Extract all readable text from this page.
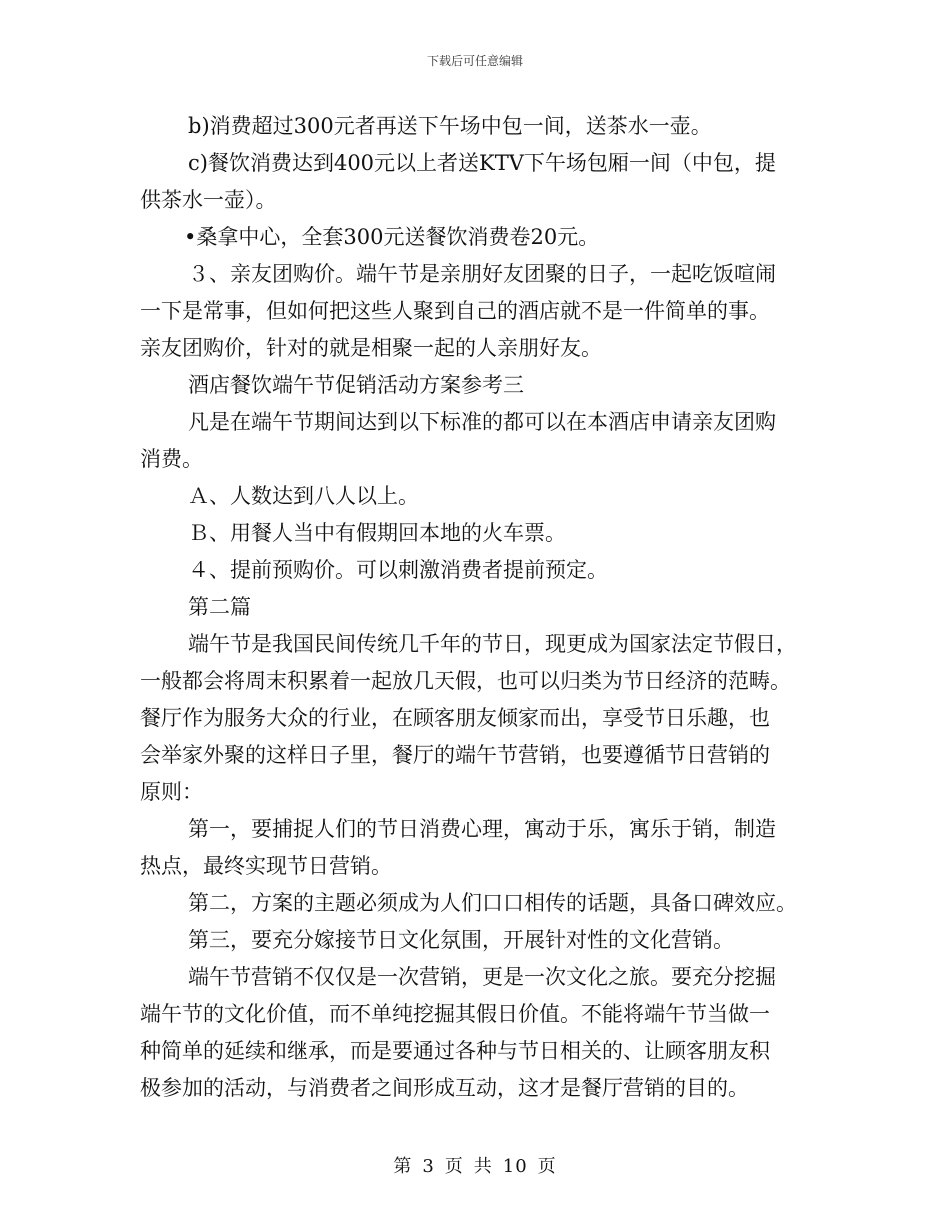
下载后可任意编辑
b)消费超过300元者再送下午场中包一间，送茶水一壶。
c)餐饮消费达到400元以上者送KTV下午场包厢一间（中包，提
供茶水一壶）。
•桑拿中心，全套300元送餐饮消费卷20元。
３、亲友团购价。端午节是亲朋好友团聚的日子，一起吃饭喧闹
一下是常事，但如何把这些人聚到自己的酒店就不是一件简单的事。
亲友团购价，针对的就是相聚一起的人亲朋好友。
酒店餐饮端午节促销活动方案参考三
凡是在端午节期间达到以下标准的都可以在本酒店申请亲友团购
消费。
Ａ、人数达到八人以上。
Ｂ、用餐人当中有假期回本地的火车票。
４、提前预购价。可以刺激消费者提前预定。
第二篇
端午节是我国民间传统几千年的节日，现更成为国家法定节假日，
一般都会将周末积累着一起放几天假，也可以归类为节日经济的范畴。
餐厅作为服务大众的行业，在顾客朋友倾家而出，享受节日乐趣，也
会举家外聚的这样日子里，餐厅的端午节营销，也要遵循节日营销的
原则：
第一，要捕捉人们的节日消费心理，寓动于乐，寓乐于销，制造
热点，最终实现节日营销。
第二，方案的主题必须成为人们口口相传的话题，具备口碑效应。
第三，要充分嫁接节日文化氛围，开展针对性的文化营销。
端午节营销不仅仅是一次营销，更是一次文化之旅。要充分挖掘
端午节的文化价值，而不单纯挖掘其假日价值。不能将端午节当做一
种简单的延续和继承，而是要通过各种与节日相关的、让顾客朋友积
极参加的活动，与消费者之间形成互动，这才是餐厅营销的目的。
第 3 页 共 10 页
